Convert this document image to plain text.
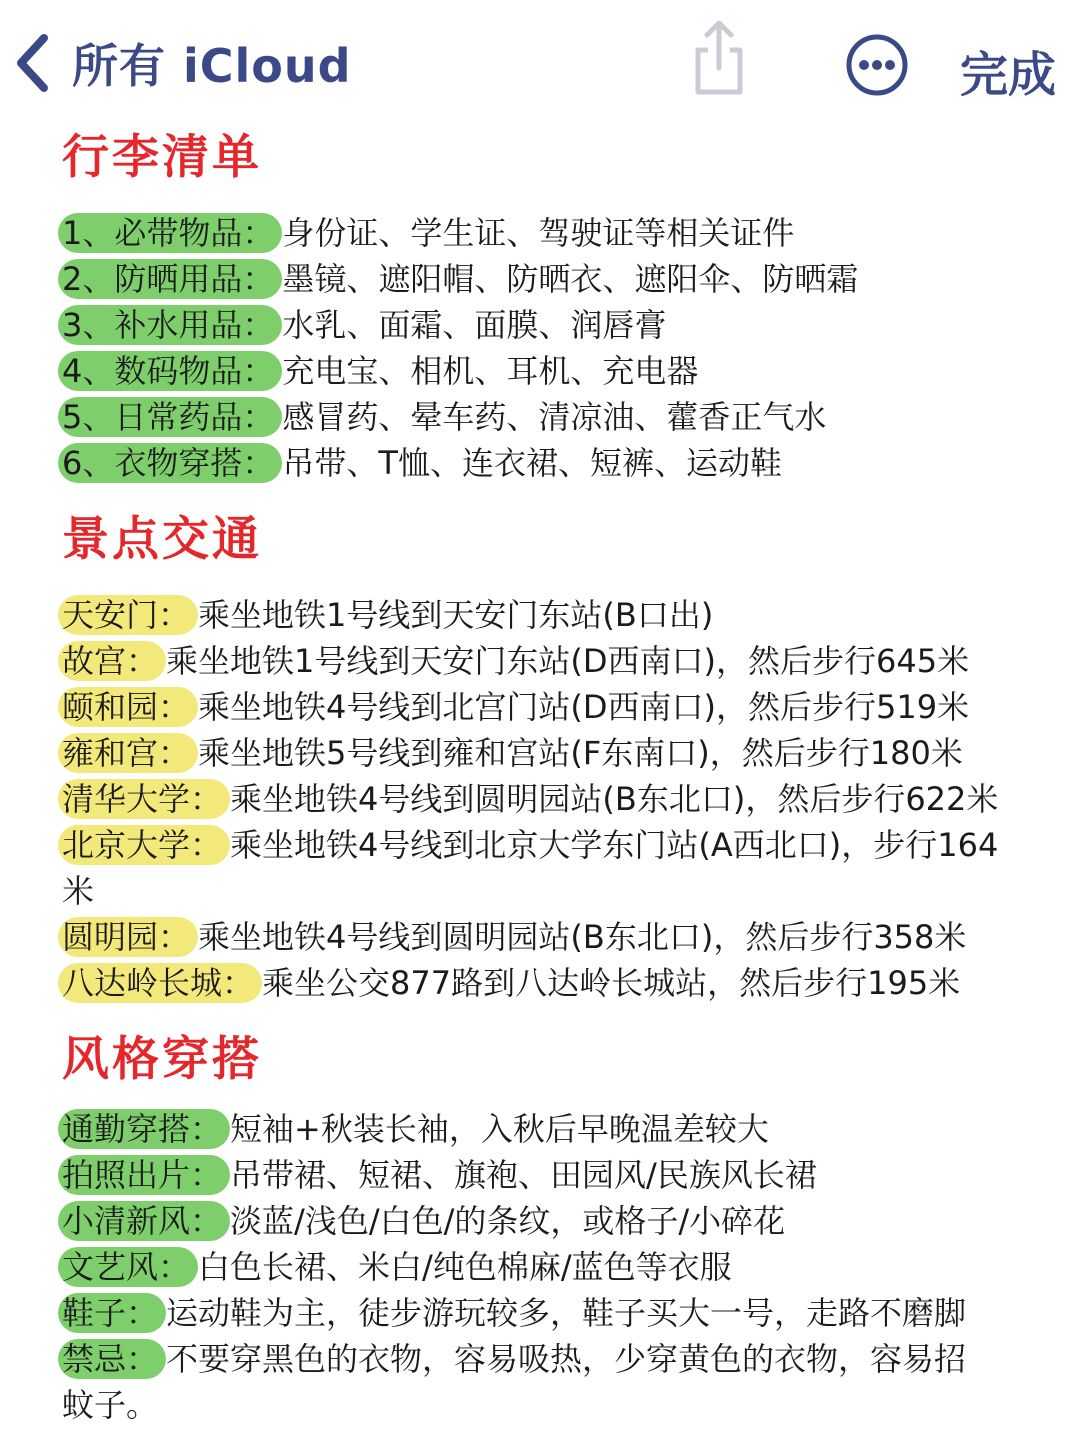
所有 iCloud	完成
行李清单
1、必带物品： 身份证、学生证、驾驶证等相关证件
2、防晒用品： 墨镜、遮阳帽、防晒衣、遮阳伞、防晒霜
3、补水用品： 水乳、面霜、面膜、润唇膏
4、数码物品： 充电宝、相机、耳机、充电器
5、日常药品： 感冒药、晕车药、清凉油、藿香正气水
6、衣物穿搭： 吊带、T恤、连衣裙、短裤、运动鞋
景点交通
天安门： 乘坐地铁1号线到天安门东站(B口出)
故宫： 乘坐地铁1号线到天安门东站(D西南口)，然后步行645米
颐和园： 乘坐地铁4号线到北宫门站(D西南口)，然后步行519米
雍和宫： 乘坐地铁5号线到雍和宫站(F东南口)，然后步行180米
清华大学： 乘坐地铁4号线到圆明园站(B东北口)，然后步行622米
北京大学： 乘坐地铁4号线到北京大学东门站(A西北口)，步行164
米
圆明园： 乘坐地铁4号线到圆明园站(B东北口)，然后步行358米
八达岭长城： 乘坐公交877路到八达岭长城站，然后步行195米
风格穿搭
通勤穿搭： 短袖+秋装长袖，入秋后早晚温差较大
拍照出片： 吊带裙、短裙、旗袍、田园风/民族风长裙
小清新风： 淡蓝/浅色/白色/的条纹，或格子/小碎花
文艺风： 白色长裙、米白/纯色棉麻/蓝色等衣服
鞋子： 运动鞋为主，徒步游玩较多，鞋子买大一号，走路不磨脚
禁忌： 不要穿黑色的衣物，容易吸热，少穿黄色的衣物，容易招
蚊子。
